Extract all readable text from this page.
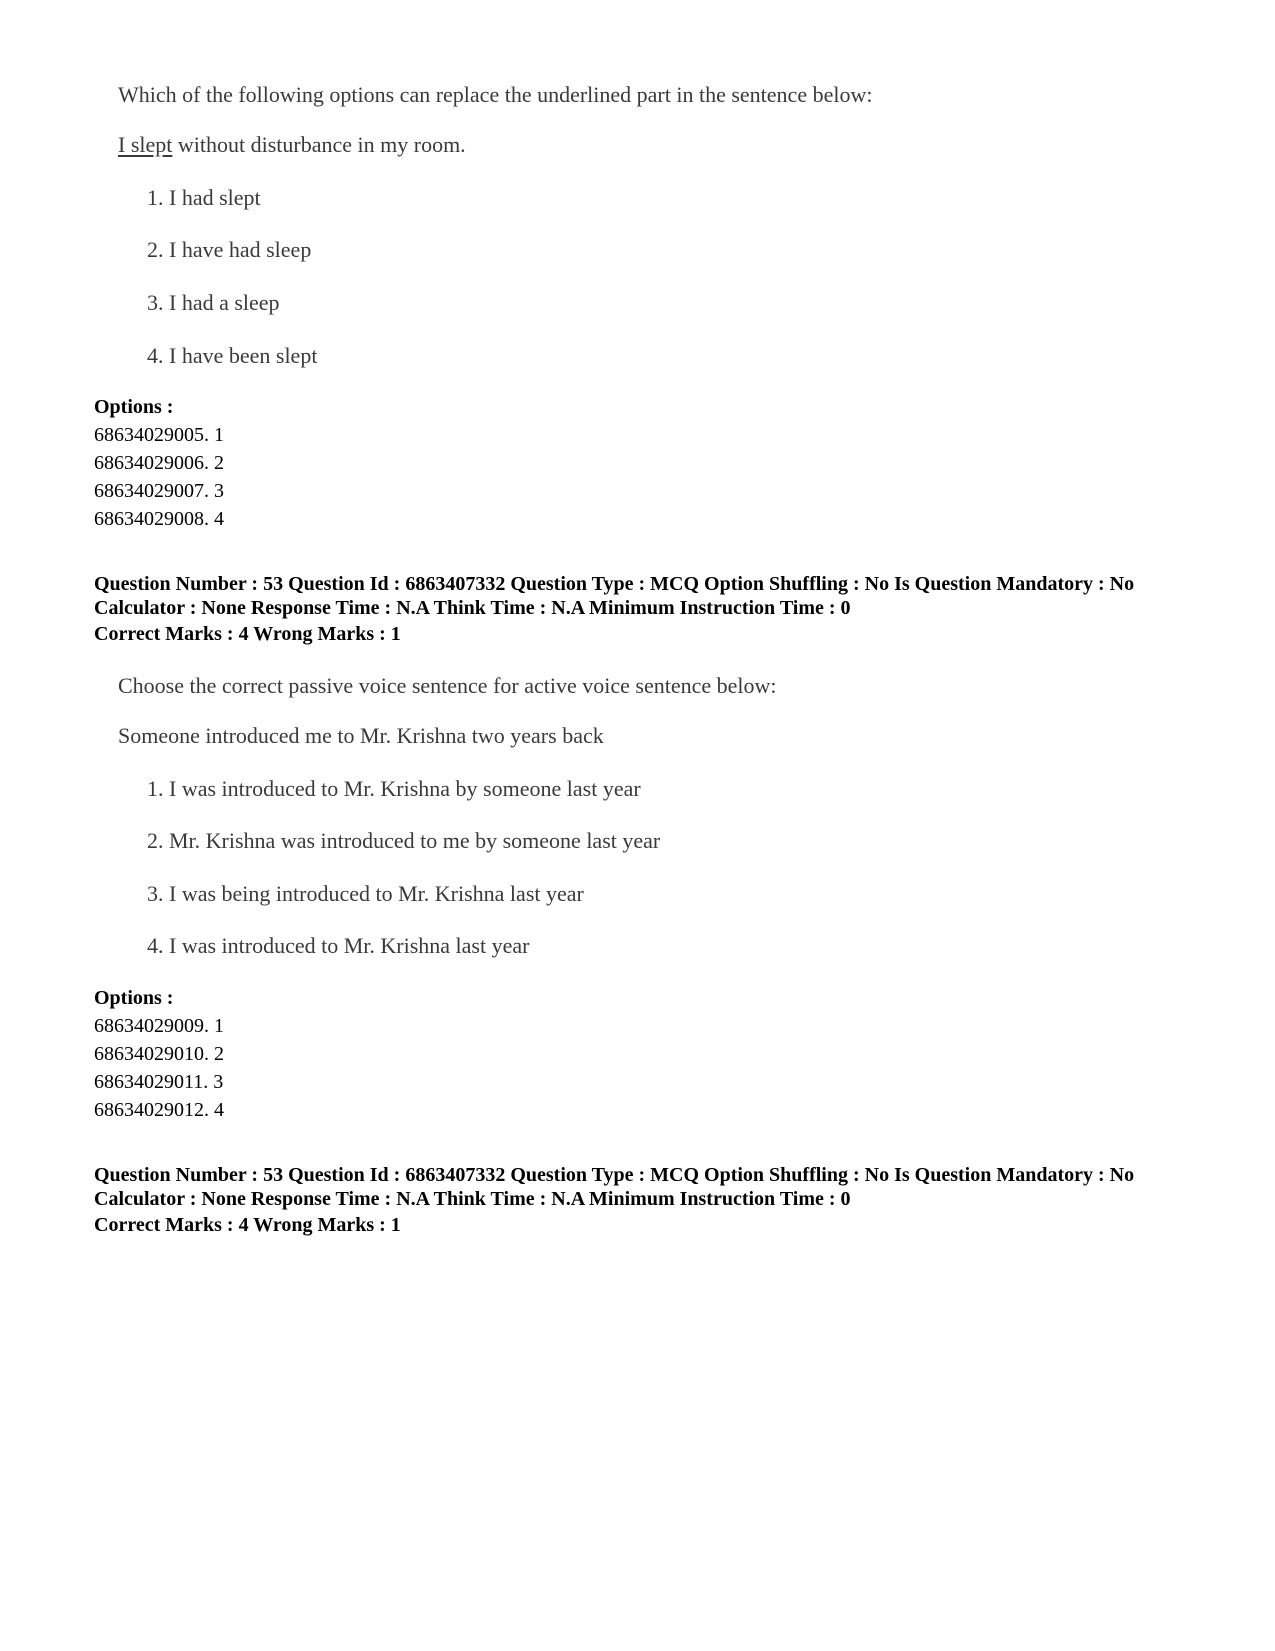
Which of the following options can replace the underlined part in the sentence below:
I slept without disturbance in my room.
1. I had slept
2. I have had sleep
3. I had a sleep
4. I have been slept
Options :
68634029005. 1
68634029006. 2
68634029007. 3
68634029008. 4
Question Number : 53 Question Id : 6863407332 Question Type : MCQ Option Shuffling : No Is Question Mandatory : No Calculator : None Response Time : N.A Think Time : N.A Minimum Instruction Time : 0
Correct Marks : 4 Wrong Marks : 1
Choose the correct passive voice sentence for active voice sentence below:
Someone introduced me to Mr. Krishna two years back
1. I was introduced to Mr. Krishna by someone last year
2. Mr. Krishna was introduced to me by someone last year
3. I was being introduced to Mr. Krishna last year
4. I was introduced to Mr. Krishna last year
Options :
68634029009. 1
68634029010. 2
68634029011. 3
68634029012. 4
Question Number : 53 Question Id : 6863407332 Question Type : MCQ Option Shuffling : No Is Question Mandatory : No Calculator : None Response Time : N.A Think Time : N.A Minimum Instruction Time : 0
Correct Marks : 4 Wrong Marks : 1
